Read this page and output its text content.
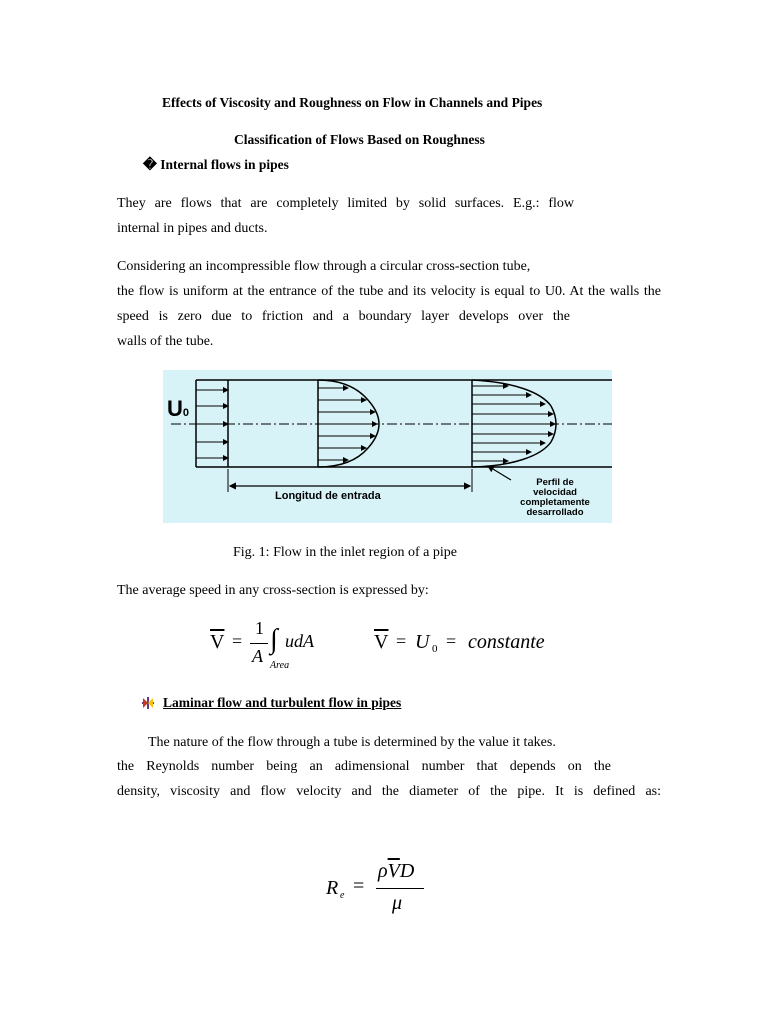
Effects of Viscosity and Roughness on Flow in Channels and Pipes
Classification of Flows Based on Roughness
� Internal flows in pipes
They are flows that are completely limited by solid surfaces. E.g.: flow
internal in pipes and ducts.
Considering an incompressible flow through a circular cross-section tube,
the flow is uniform at the entrance of the tube and its velocity is equal to U0. At the walls the
speed is zero due to friction and a boundary layer develops over the
walls of the tube.
U0
Longitud de entrada
Perfil de
velocidad
completamente
desarrollado
Fig. 1: Flow in the inlet region of a pipe
The average speed in any cross-section is expressed by:
$\overline{V}$ =
1
A
∫ udA
Area
$\overline{V} = U$ 0 = constante
Laminar flow and turbulent flow in pipes
The nature of the flow through a tube is determined by the value it takes.
the Reynolds number being an adimensional number that depends on the
density, viscosity and flow velocity and the diameter of the pipe. It is defined as:
R e =
$\rho\overline{V}D$
μ
